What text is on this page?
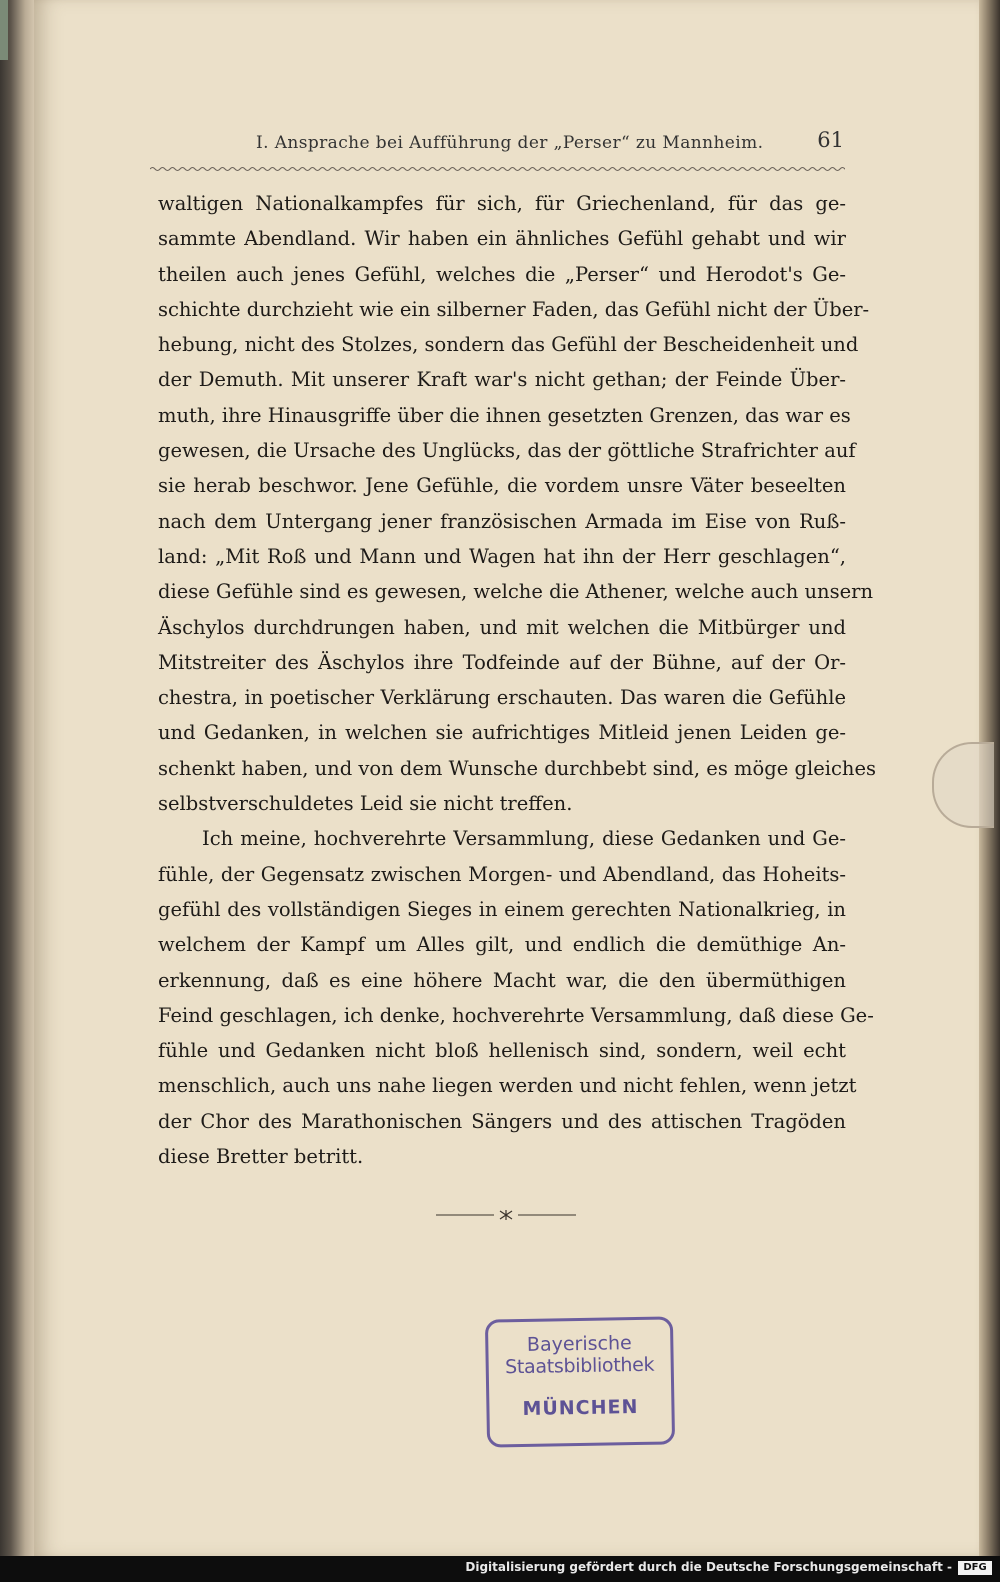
I. Ansprache bei Aufführung der „Perser“ zu Mannheim.	61
waltigen Nationalkampfes für sich, für Griechenland, für das ge-
sammte Abendland. Wir haben ein ähnliches Gefühl gehabt und wir
theilen auch jenes Gefühl, welches die „Perser“ und Herodot's Ge-
schichte durchzieht wie ein silberner Faden, das Gefühl nicht der Über-
hebung, nicht des Stolzes, sondern das Gefühl der Bescheidenheit und
der Demuth. Mit unserer Kraft war's nicht gethan; der Feinde Über-
muth, ihre Hinausgriffe über die ihnen gesetzten Grenzen, das war es
gewesen, die Ursache des Unglücks, das der göttliche Strafrichter auf
sie herab beschwor. Jene Gefühle, die vordem unsre Väter beseelten
nach dem Untergang jener französischen Armada im Eise von Ruß-
land: „Mit Roß und Mann und Wagen hat ihn der Herr geschlagen“,
diese Gefühle sind es gewesen, welche die Athener, welche auch unsern
Äschylos durchdrungen haben, und mit welchen die Mitbürger und
Mitstreiter des Äschylos ihre Todfeinde auf der Bühne, auf der Or-
chestra, in poetischer Verklärung erschauten. Das waren die Gefühle
und Gedanken, in welchen sie aufrichtiges Mitleid jenen Leiden ge-
schenkt haben, und von dem Wunsche durchbebt sind, es möge gleiches
selbstverschuldetes Leid sie nicht treffen.
Ich meine, hochverehrte Versammlung, diese Gedanken und Ge-
fühle, der Gegensatz zwischen Morgen- und Abendland, das Hoheits-
gefühl des vollständigen Sieges in einem gerechten Nationalkrieg, in
welchem der Kampf um Alles gilt, und endlich die demüthige An-
erkennung, daß es eine höhere Macht war, die den übermüthigen
Feind geschlagen, ich denke, hochverehrte Versammlung, daß diese Ge-
fühle und Gedanken nicht bloß hellenisch sind, sondern, weil echt
menschlich, auch uns nahe liegen werden und nicht fehlen, wenn jetzt
der Chor des Marathonischen Sängers und des attischen Tragöden
diese Bretter betritt.
Bayerische
Staatsbibliothek
MÜNCHEN
Digitalisierung gefördert durch die Deutsche Forschungsgemeinschaft -	DFG
